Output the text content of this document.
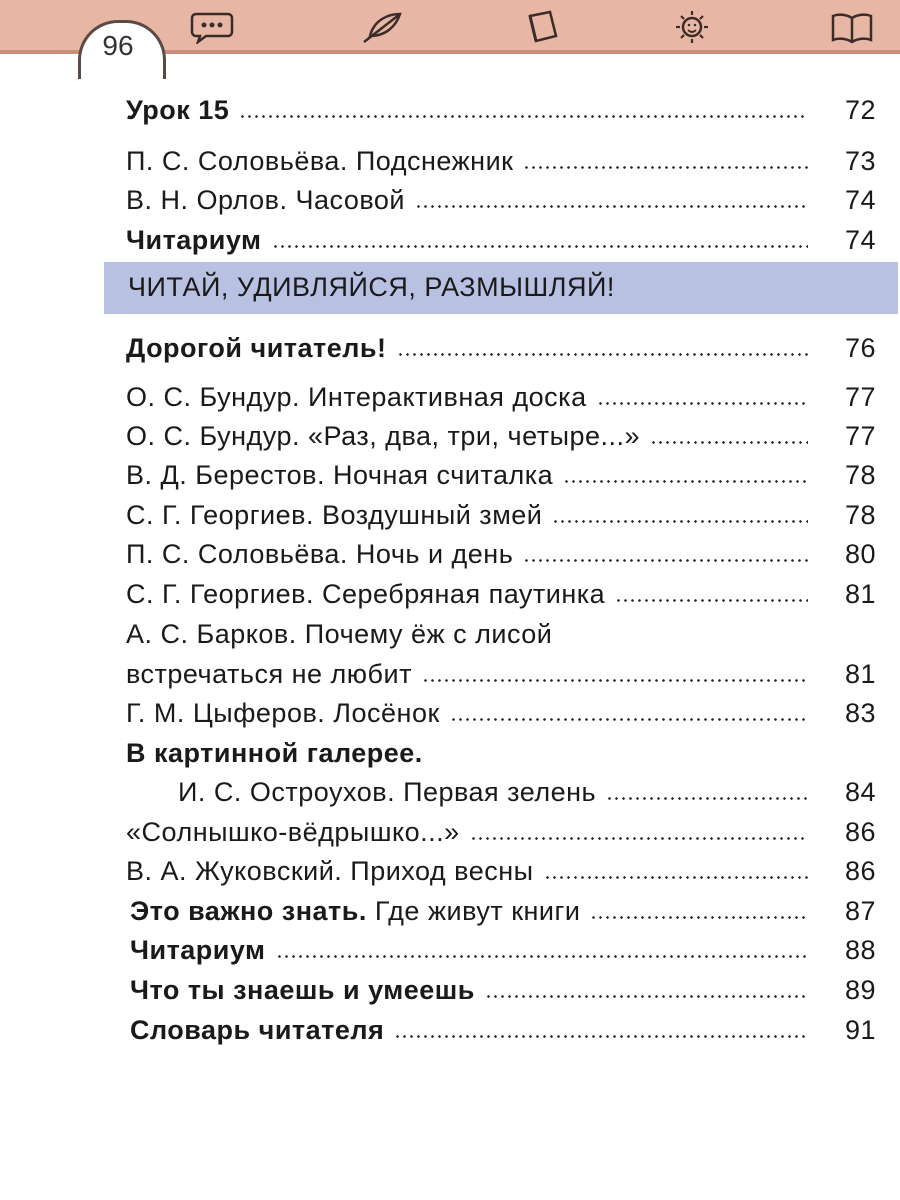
96
ЧИТАЙ, УДИВЛЯЙСЯ, РАЗМЫШЛЯЙ!
Урок 15	72
П. С. Соловьёва. Подснежник	73
В. Н. Орлов. Часовой	74
Читариум	74
Дорогой читатель!	76
О. С. Бундур. Интерактивная доска	77
О. С. Бундур. «Раз, два, три, четыре...»	77
В. Д. Берестов. Ночная считалка	78
С. Г. Георгиев. Воздушный змей	78
П. С. Соловьёва. Ночь и день	80
С. Г. Георгиев. Серебряная паутинка	81
А. С. Барков. Почему ёж с лисой
встречаться не любит	81
Г. М. Цыферов. Лосёнок	83
В картинной галерее.
И. С. Остроухов. Первая зелень	84
«Солнышко-вёдрышко...»	86
В. А. Жуковский. Приход весны	86
Это важно знать. Где живут книги	87
Читариум	88
Что ты знаешь и умеешь	89
Словарь читателя	91
